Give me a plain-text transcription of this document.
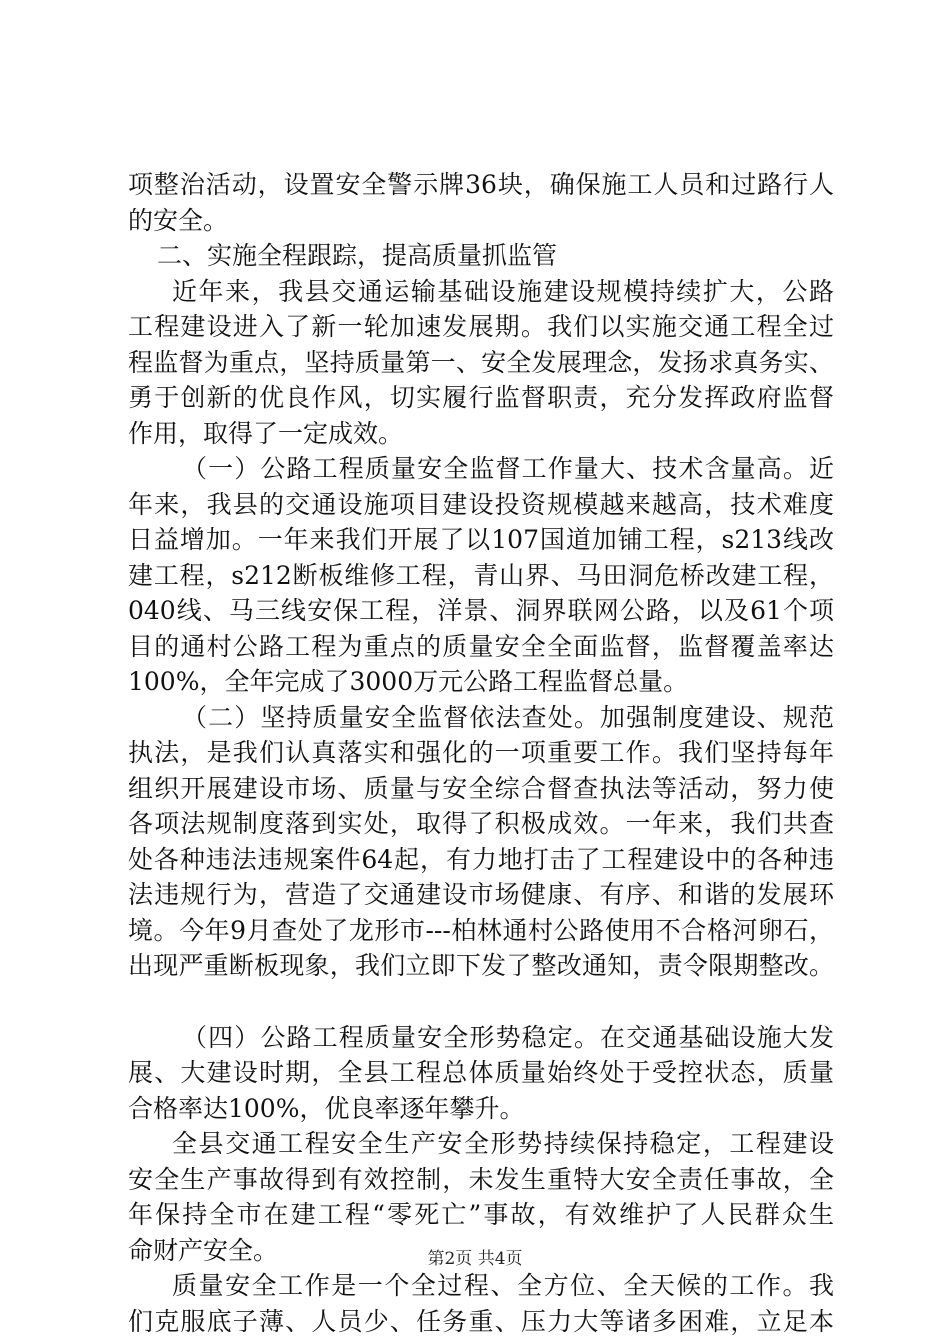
项整治活动，设置安全警示牌36块，确保施工人员和过路行人
的安全。
二、实施全程跟踪，提高质量抓监管
近年来，我县交通运输基础设施建设规模持续扩大，公路
工程建设进入了新一轮加速发展期。我们以实施交通工程全过
程监督为重点，坚持质量第一、安全发展理念，发扬求真务实、
勇于创新的优良作风，切实履行监督职责，充分发挥政府监督
作用，取得了一定成效。
（一）公路工程质量安全监督工作量大、技术含量高。近
年来，我县的交通设施项目建设投资规模越来越高，技术难度
日益增加。一年来我们开展了以107国道加铺工程，s213线改
建工程，s212断板维修工程，青山界、马田洞危桥改建工程，
040线、马三线安保工程，洋景、洞界联网公路，以及61个项
目的通村公路工程为重点的质量安全全面监督，监督覆盖率达
100%，全年完成了3000万元公路工程监督总量。
（二）坚持质量安全监督依法查处。加强制度建设、规范
执法，是我们认真落实和强化的一项重要工作。我们坚持每年
组织开展建设市场、质量与安全综合督查执法等活动，努力使
各项法规制度落到实处，取得了积极成效。一年来，我们共查
处各种违法违规案件64起，有力地打击了工程建设中的各种违
法违规行为，营造了交通建设市场健康、有序、和谐的发展环
境。今年9月查处了龙形市---柏林通村公路使用不合格河卵石，
出现严重断板现象，我们立即下发了整改通知，责令限期整改。
（四）公路工程质量安全形势稳定。在交通基础设施大发
展、大建设时期，全县工程总体质量始终处于受控状态，质量
合格率达100%，优良率逐年攀升。
全县交通工程安全生产安全形势持续保持稳定，工程建设
安全生产事故得到有效控制，未发生重特大安全责任事故，全
年保持全市在建工程“零死亡”事故，有效维护了人民群众生
命财产安全。
质量安全工作是一个全过程、全方位、全天候的工作。我
们克服底子薄、人员少、任务重、压力大等诸多困难，立足本
第2页 共4页
